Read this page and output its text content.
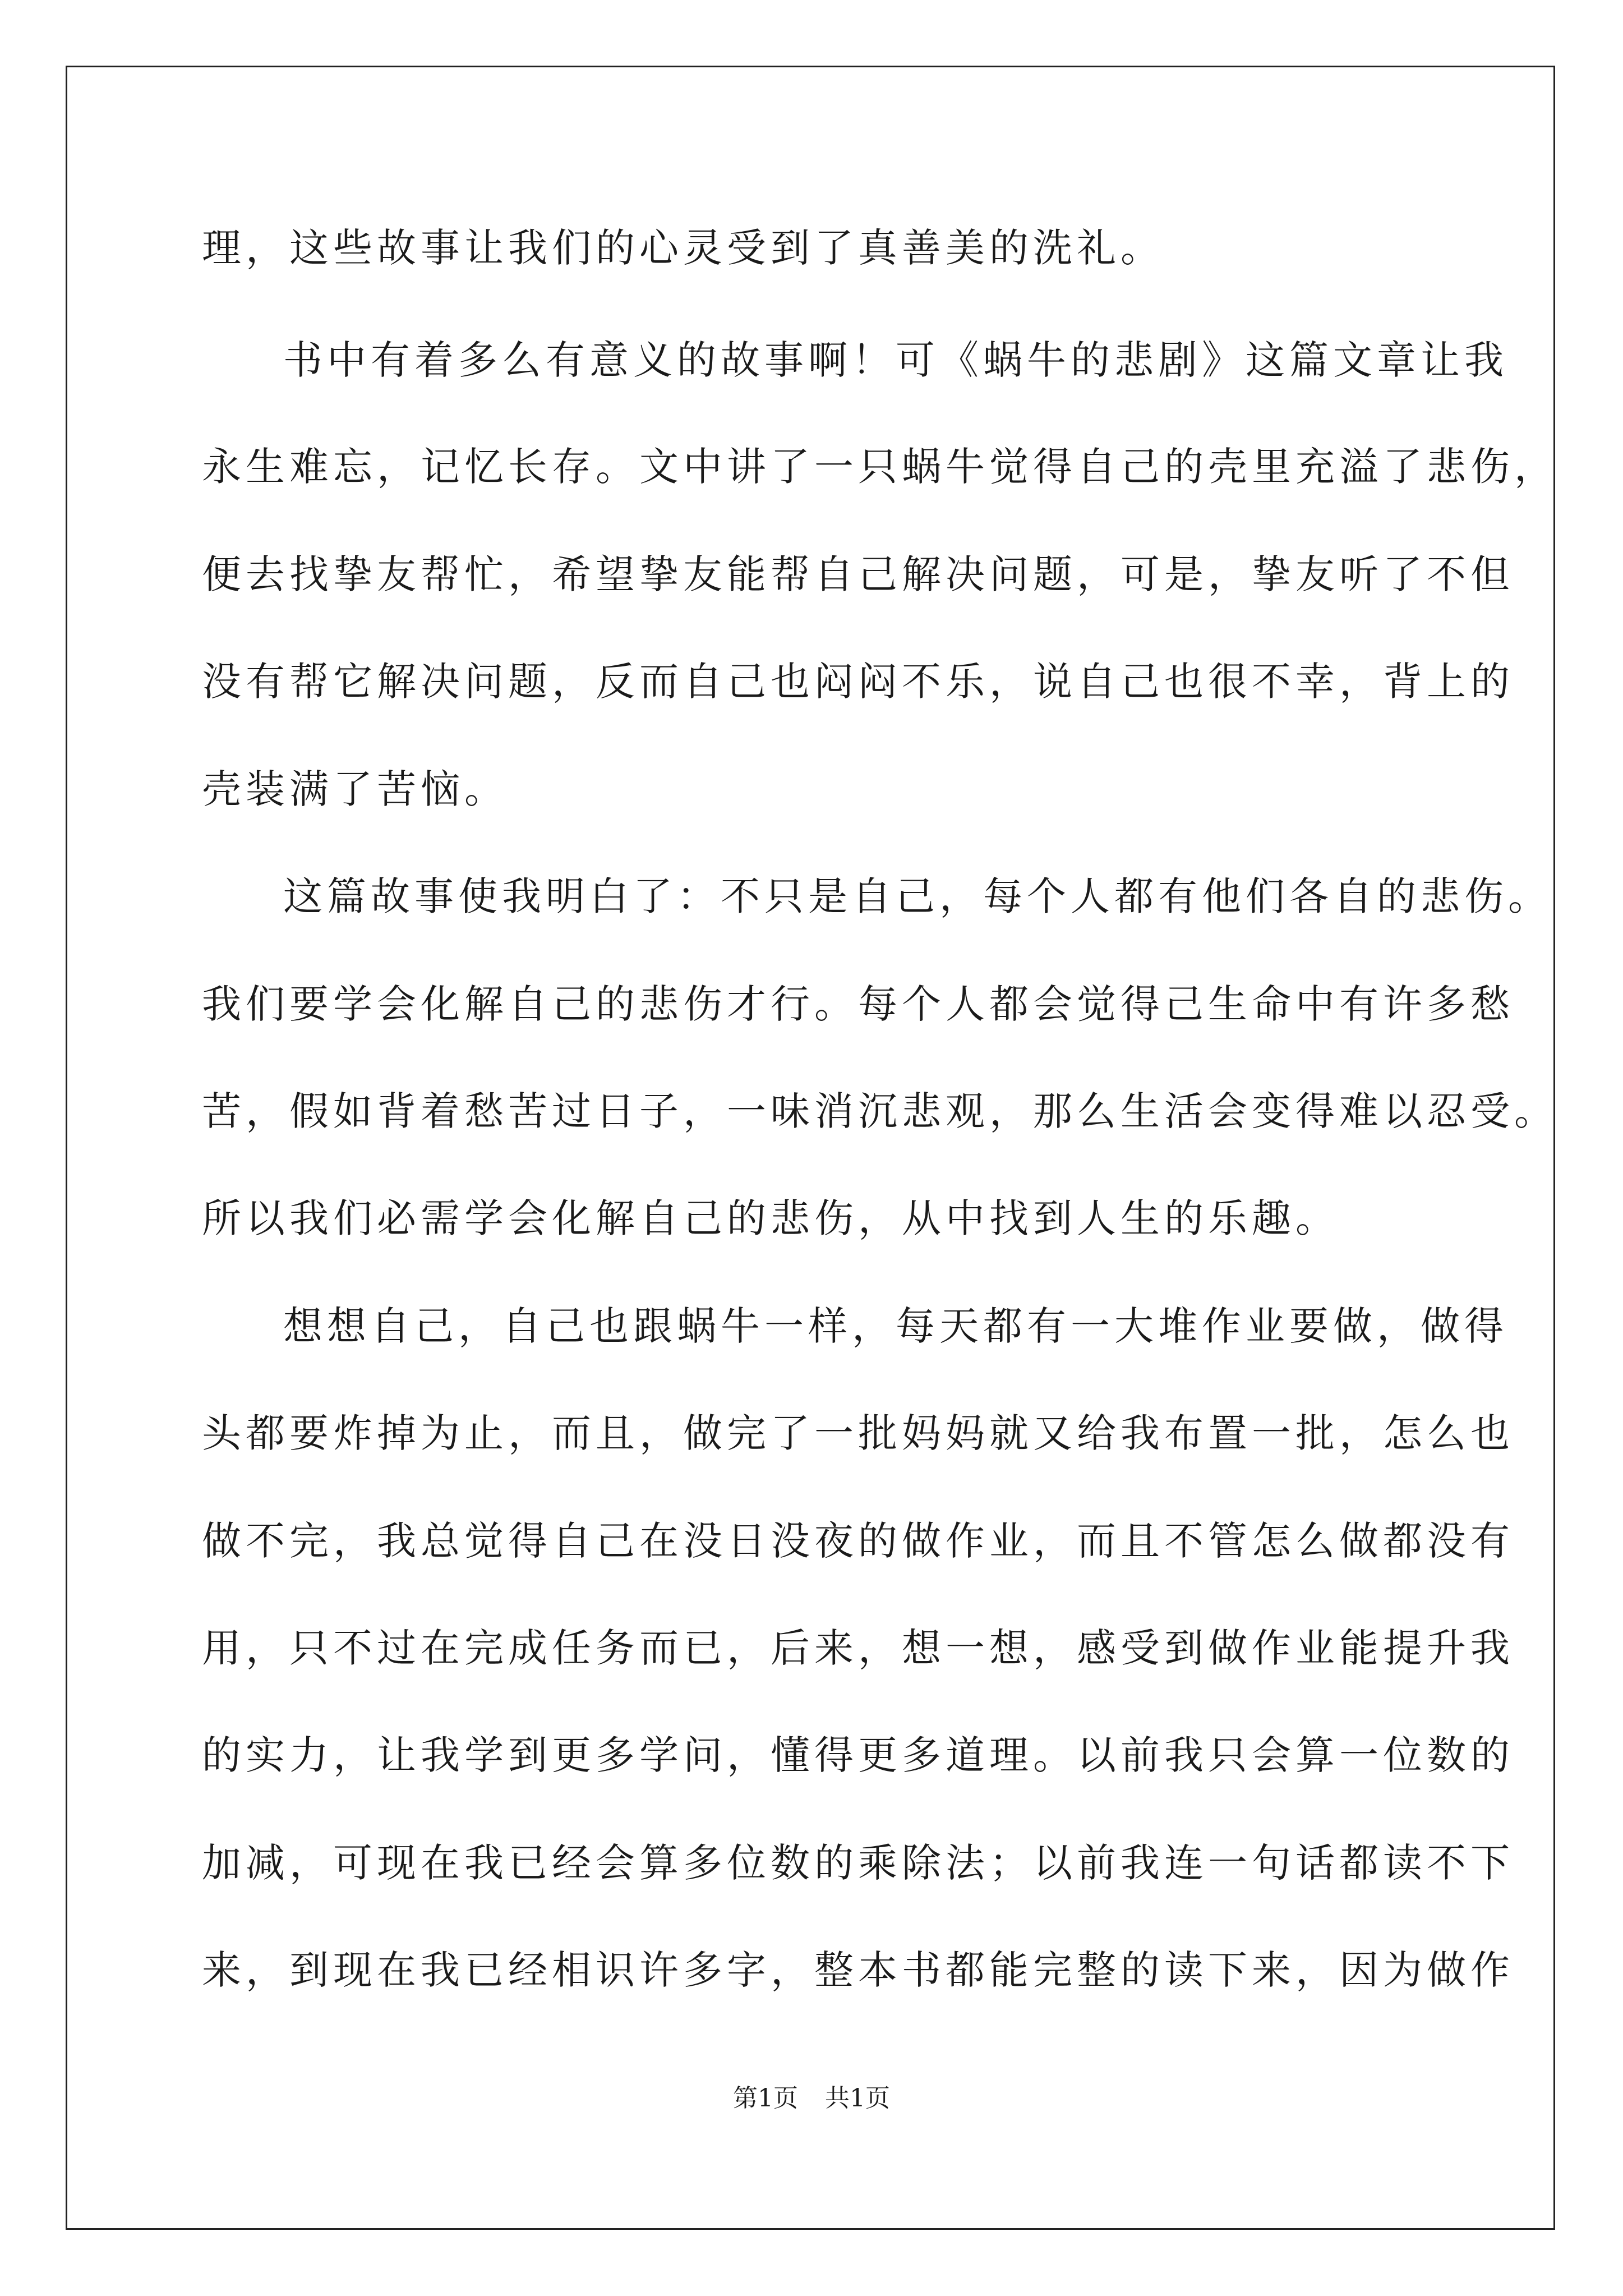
理，这些故事让我们的心灵受到了真善美的洗礼。
书中有着多么有意义的故事啊！可《蜗牛的悲剧》这篇文章让我
永生难忘，记忆长存。文中讲了一只蜗牛觉得自己的壳里充溢了悲伤，
便去找挚友帮忙，希望挚友能帮自己解决问题，可是，挚友听了不但
没有帮它解决问题，反而自己也闷闷不乐，说自己也很不幸，背上的
壳装满了苦恼。
这篇故事使我明白了：不只是自己，每个人都有他们各自的悲伤。
我们要学会化解自己的悲伤才行。每个人都会觉得己生命中有许多愁
苦，假如背着愁苦过日子，一味消沉悲观，那么生活会变得难以忍受。
所以我们必需学会化解自己的悲伤，从中找到人生的乐趣。
想想自己，自己也跟蜗牛一样，每天都有一大堆作业要做，做得
头都要炸掉为止，而且，做完了一批妈妈就又给我布置一批，怎么也
做不完，我总觉得自己在没日没夜的做作业，而且不管怎么做都没有
用，只不过在完成任务而已，后来，想一想，感受到做作业能提升我
的实力，让我学到更多学问，懂得更多道理。以前我只会算一位数的
加减，可现在我已经会算多位数的乘除法；以前我连一句话都读不下
来，到现在我已经相识许多字，整本书都能完整的读下来，因为做作
第1页 共1页
